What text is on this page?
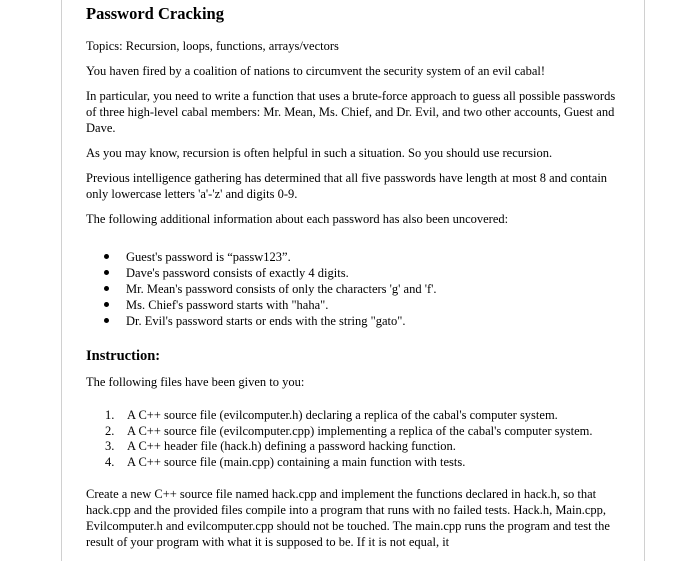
Password Cracking

Topics: Recursion, loops, functions, arrays/vectors

You haven fired by a coalition of nations to circumvent the security system of an evil cabal!

In particular, you need to write a function that uses a brute-force approach to guess all possible passwords of three high-level cabal members: Mr. Mean, Ms. Chief, and Dr. Evil, and two other accounts, Guest and Dave.

As you may know, recursion is often helpful in such a situation. So you should use recursion.

Previous intelligence gathering has determined that all five passwords have length at most 8 and contain only lowercase letters 'a'-'z' and digits 0-9.

The following additional information about each password has also been uncovered:

Guest's password is “passw123”.
Dave's password consists of exactly 4 digits.
Mr. Mean's password consists of only the characters 'g' and 'f'.
Ms. Chief's password starts with "haha".
Dr. Evil's password starts or ends with the string "gato".
Instruction:

The following files have been given to you:

1. A C++ source file (evilcomputer.h) declaring a replica of the cabal's computer system.
2. A C++ source file (evilcomputer.cpp) implementing a replica of the cabal's computer system.
3. A C++ header file (hack.h) defining a password hacking function.
4. A C++ source file (main.cpp) containing a main function with tests.

Create a new C++ source file named hack.cpp and implement the functions declared in hack.h, so that hack.cpp and the provided files compile into a program that runs with no failed tests. Hack.h, Main.cpp, Evilcomputer.h and evilcomputer.cpp should not be touched. The main.cpp runs the program and test the result of your program with what it is supposed to be. If it is not equal, it
